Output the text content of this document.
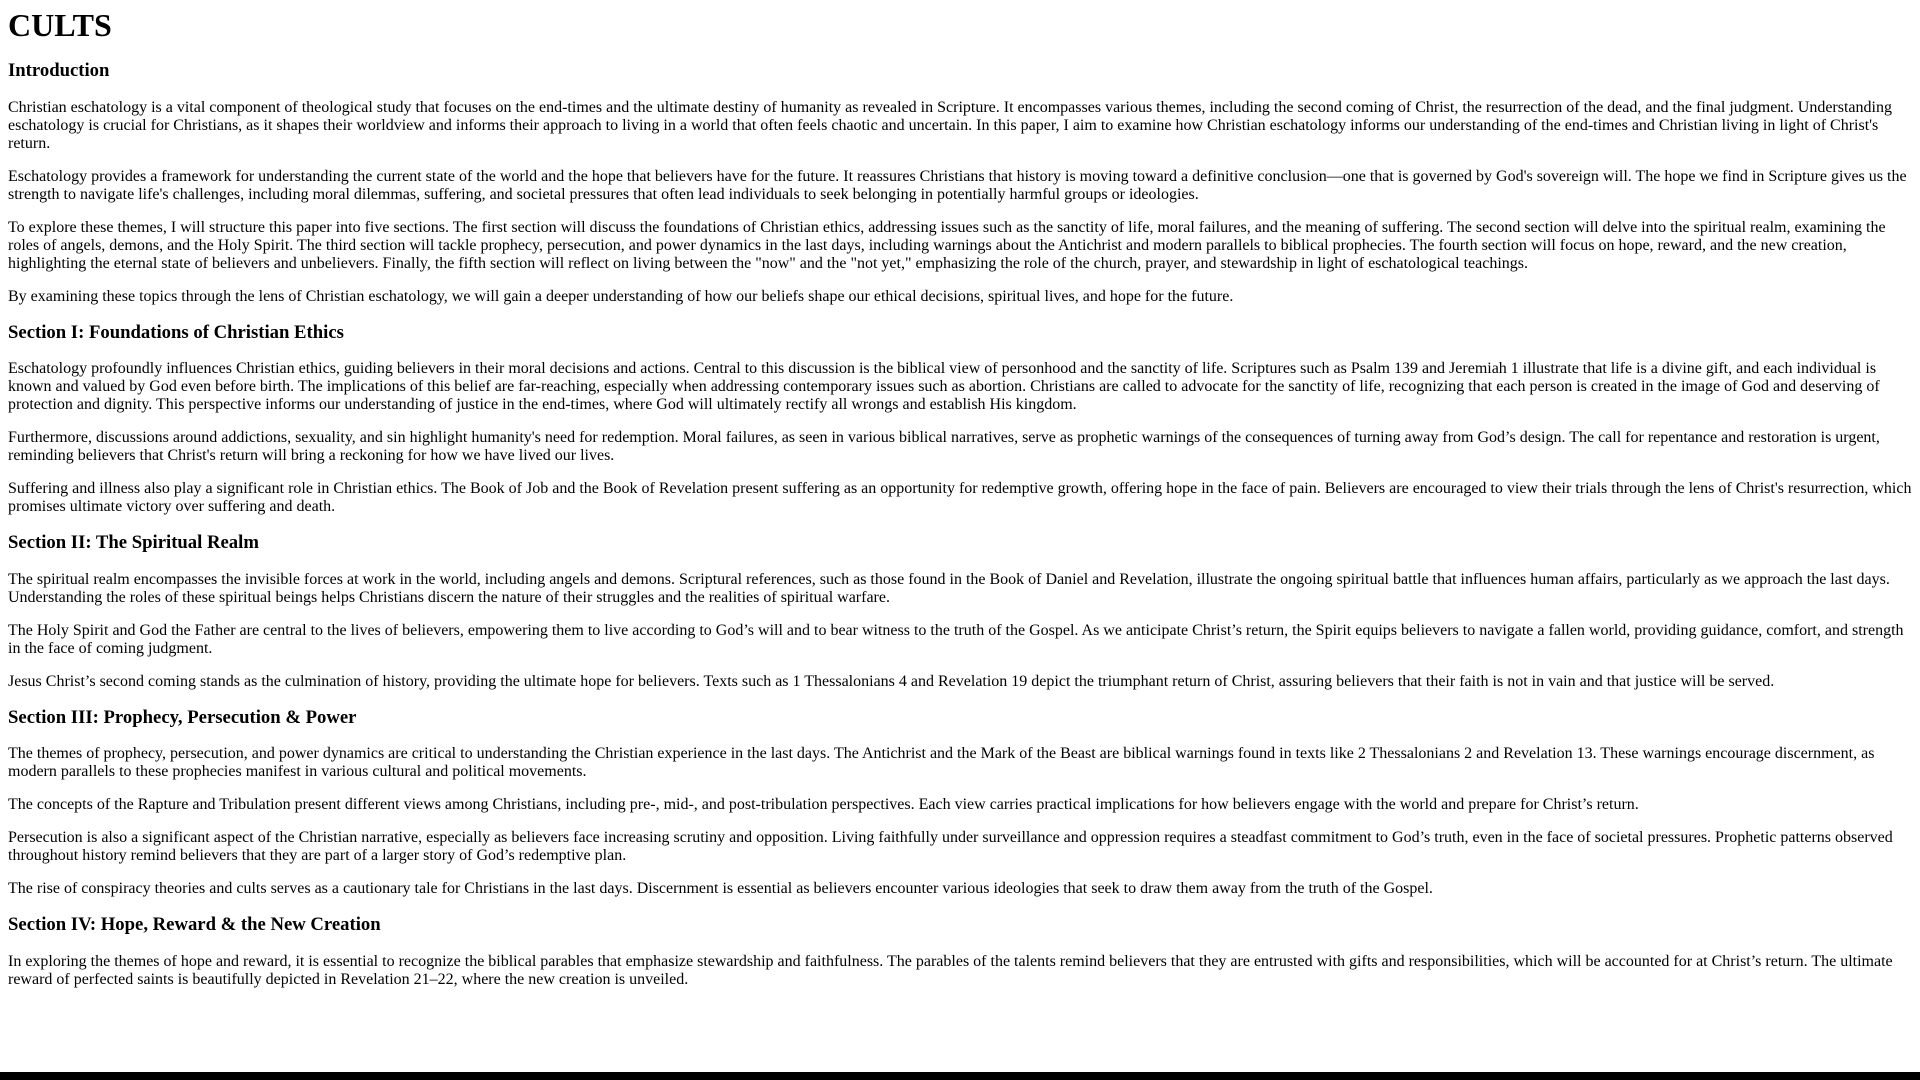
CULTS
Introduction

Christian eschatology is a vital component of theological study that focuses on the end-times and the ultimate destiny of humanity as revealed in Scripture. It encompasses various themes, including the second coming of Christ, the resurrection of the dead, and the final judgment. Understanding eschatology is crucial for Christians, as it shapes their worldview and informs their approach to living in a world that often feels chaotic and uncertain. In this paper, I aim to examine how Christian eschatology informs our understanding of the end-times and Christian living in light of Christ's return.

Eschatology provides a framework for understanding the current state of the world and the hope that believers have for the future. It reassures Christians that history is moving toward a definitive conclusion—one that is governed by God's sovereign will. The hope we find in Scripture gives us the strength to navigate life's challenges, including moral dilemmas, suffering, and societal pressures that often lead individuals to seek belonging in potentially harmful groups or ideologies.

To explore these themes, I will structure this paper into five sections. The first section will discuss the foundations of Christian ethics, addressing issues such as the sanctity of life, moral failures, and the meaning of suffering. The second section will delve into the spiritual realm, examining the roles of angels, demons, and the Holy Spirit. The third section will tackle prophecy, persecution, and power dynamics in the last days, including warnings about the Antichrist and modern parallels to biblical prophecies. The fourth section will focus on hope, reward, and the new creation, highlighting the eternal state of believers and unbelievers. Finally, the fifth section will reflect on living between the "now" and the "not yet," emphasizing the role of the church, prayer, and stewardship in light of eschatological teachings.

By examining these topics through the lens of Christian eschatology, we will gain a deeper understanding of how our beliefs shape our ethical decisions, spiritual lives, and hope for the future.

Section I: Foundations of Christian Ethics

Eschatology profoundly influences Christian ethics, guiding believers in their moral decisions and actions. Central to this discussion is the biblical view of personhood and the sanctity of life. Scriptures such as Psalm 139 and Jeremiah 1 illustrate that life is a divine gift, and each individual is known and valued by God even before birth. The implications of this belief are far-reaching, especially when addressing contemporary issues such as abortion. Christians are called to advocate for the sanctity of life, recognizing that each person is created in the image of God and deserving of protection and dignity. This perspective informs our understanding of justice in the end-times, where God will ultimately rectify all wrongs and establish His kingdom.

Furthermore, discussions around addictions, sexuality, and sin highlight humanity's need for redemption. Moral failures, as seen in various biblical narratives, serve as prophetic warnings of the consequences of turning away from God’s design. The call for repentance and restoration is urgent, reminding believers that Christ's return will bring a reckoning for how we have lived our lives.

Suffering and illness also play a significant role in Christian ethics. The Book of Job and the Book of Revelation present suffering as an opportunity for redemptive growth, offering hope in the face of pain. Believers are encouraged to view their trials through the lens of Christ's resurrection, which promises ultimate victory over suffering and death.

Section II: The Spiritual Realm

The spiritual realm encompasses the invisible forces at work in the world, including angels and demons. Scriptural references, such as those found in the Book of Daniel and Revelation, illustrate the ongoing spiritual battle that influences human affairs, particularly as we approach the last days. Understanding the roles of these spiritual beings helps Christians discern the nature of their struggles and the realities of spiritual warfare.

The Holy Spirit and God the Father are central to the lives of believers, empowering them to live according to God’s will and to bear witness to the truth of the Gospel. As we anticipate Christ’s return, the Spirit equips believers to navigate a fallen world, providing guidance, comfort, and strength in the face of coming judgment.

Jesus Christ’s second coming stands as the culmination of history, providing the ultimate hope for believers. Texts such as 1 Thessalonians 4 and Revelation 19 depict the triumphant return of Christ, assuring believers that their faith is not in vain and that justice will be served.

Section III: Prophecy, Persecution & Power

The themes of prophecy, persecution, and power dynamics are critical to understanding the Christian experience in the last days. The Antichrist and the Mark of the Beast are biblical warnings found in texts like 2 Thessalonians 2 and Revelation 13. These warnings encourage discernment, as modern parallels to these prophecies manifest in various cultural and political movements.

The concepts of the Rapture and Tribulation present different views among Christians, including pre-, mid-, and post-tribulation perspectives. Each view carries practical implications for how believers engage with the world and prepare for Christ’s return.

Persecution is also a significant aspect of the Christian narrative, especially as believers face increasing scrutiny and opposition. Living faithfully under surveillance and oppression requires a steadfast commitment to God’s truth, even in the face of societal pressures. Prophetic patterns observed throughout history remind believers that they are part of a larger story of God’s redemptive plan.

The rise of conspiracy theories and cults serves as a cautionary tale for Christians in the last days. Discernment is essential as believers encounter various ideologies that seek to draw them away from the truth of the Gospel.

Section IV: Hope, Reward & the New Creation

In exploring the themes of hope and reward, it is essential to recognize the biblical parables that emphasize stewardship and faithfulness. The parables of the talents remind believers that they are entrusted with gifts and responsibilities, which will be accounted for at Christ’s return. The ultimate reward of perfected saints is beautifully depicted in Revelation 21–22, where the new creation is unveiled.
